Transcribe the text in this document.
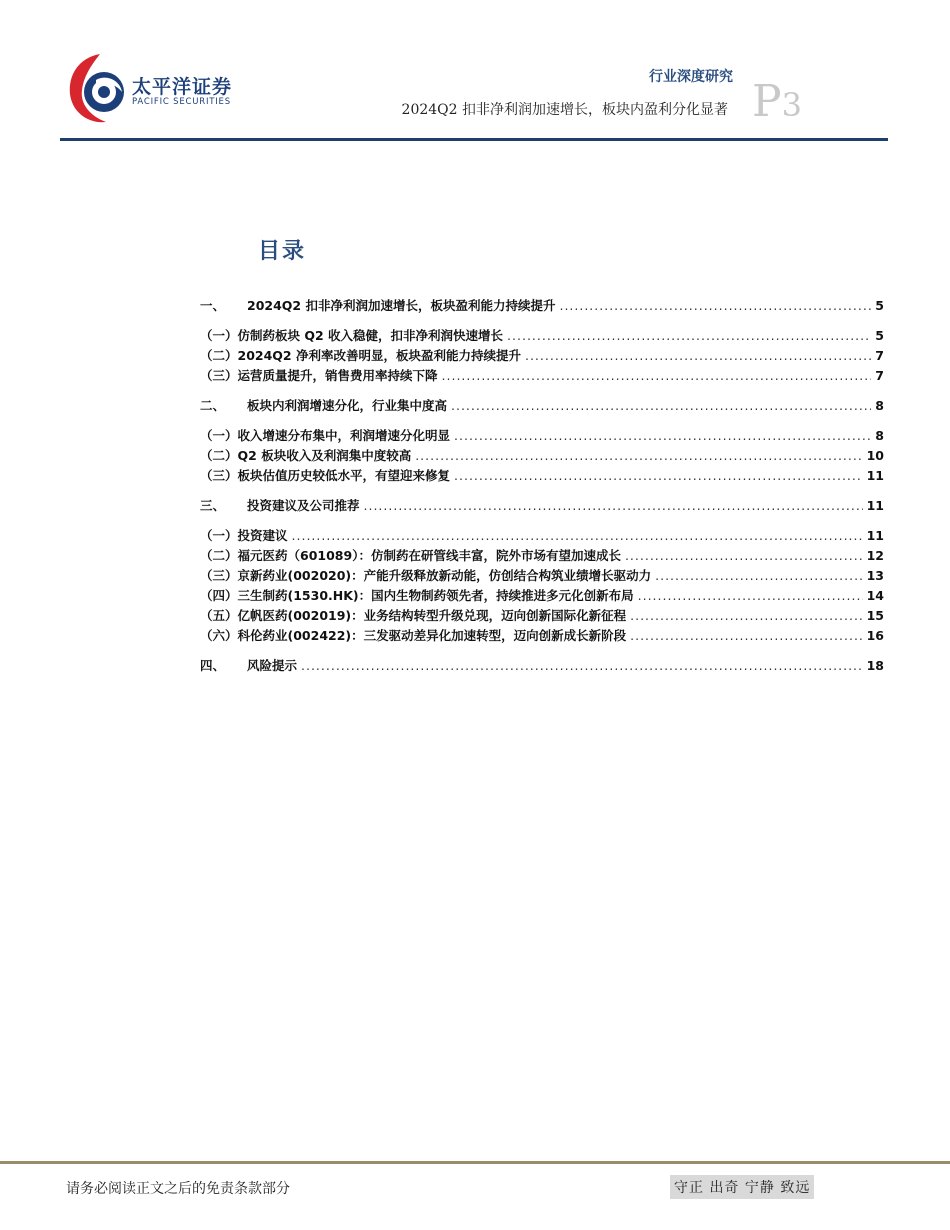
太平洋证券
PACIFIC SECURITIES
行业深度研究
2024Q2 扣非净利润加速增长，板块内盈利分化显著 P3
目录
一、	2024Q2 扣非净利润加速增长，板块盈利能力持续提升 .....	5
（一） 仿制药板块 Q2 收入稳健，扣非净利润快速增长 .....	5
（二） 2024Q2 净利率改善明显，板块盈利能力持续提升 .....	7
（三） 运营质量提升，销售费用率持续下降 .....	7
二、	板块内利润增速分化，行业集中度高 .....	8
（一） 收入增速分布集中，利润增速分化明显 .....	8
（二） Q2 板块收入及利润集中度较高 .....	10
（三） 板块估值历史较低水平，有望迎来修复 .....	11
三、	投资建议及公司推荐 .....	11
（一） 投资建议 .....	11
（二） 福元医药（601089）：仿制药在研管线丰富，院外市场有望加速成长 .....	12
（三） 京新药业(002020)：产能升级释放新动能，仿创结合构筑业绩增长驱动力 .....	13
（四） 三生制药(1530.HK)：国内生物制药领先者，持续推进多元化创新布局 .....	14
（五） 亿帆医药(002019)：业务结构转型升级兑现，迈向创新国际化新征程 .....	15
（六） 科伦药业(002422)：三发驱动差异化加速转型，迈向创新成长新阶段 .....	16
四、	风险提示 .....	18
请务必阅读正文之后的免责条款部分	守正 出奇 宁静 致远
